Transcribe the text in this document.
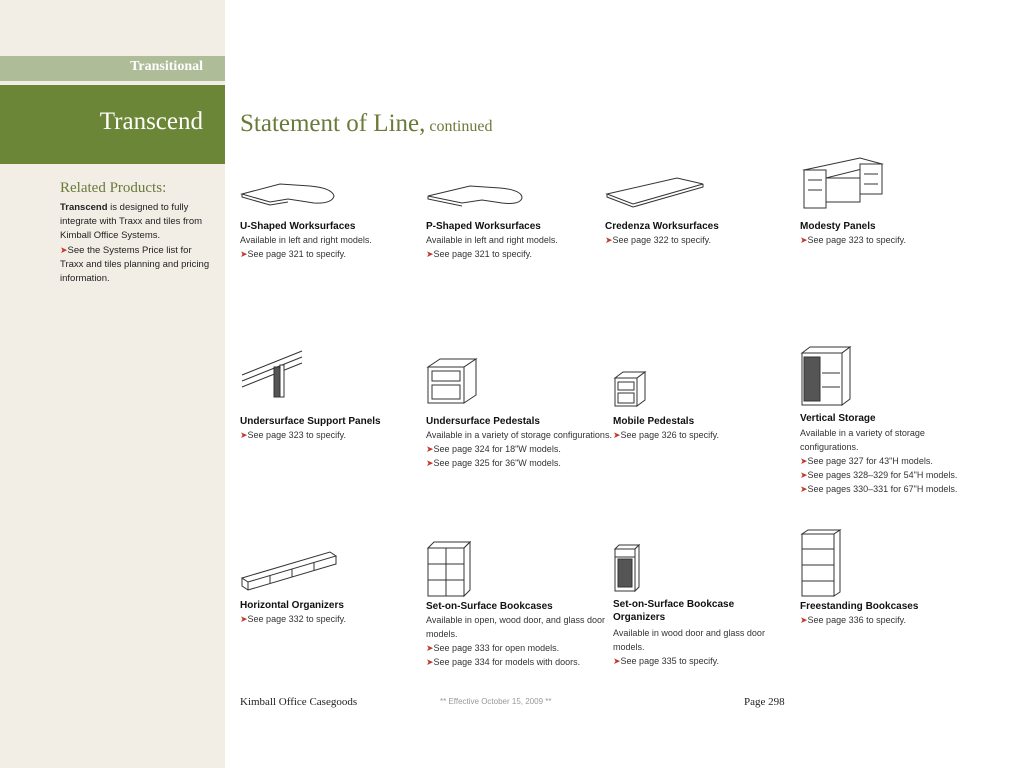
Transitional
Transcend
Related Products:
Transcend is designed to fully integrate with Traxx and tiles from Kimball Office Systems.
➤See the Systems Price list for Traxx and tiles planning and pricing information.
Statement of Line, continued
U-Shaped Worksurfaces
Available in left and right models.
➤See page 321 to specify.
P-Shaped Worksurfaces
Available in left and right models.
➤See page 321 to specify.
Credenza Worksurfaces
➤See page 322 to specify.
Modesty Panels
➤See page 323 to specify.
Undersurface Support Panels
➤See page 323 to specify.
Undersurface Pedestals
Available in a variety of storage configurations.
➤See page 324 for 18"W models.
➤See page 325 for 36"W models.
Mobile Pedestals
➤See page 326 to specify.
Vertical Storage
Available in a variety of storage configurations.
➤See page 327 for 43"H models.
➤See pages 328–329 for 54"H models.
➤See pages 330–331 for 67"H models.
Horizontal Organizers
➤See page 332 to specify.
Set-on-Surface Bookcases
Available in open, wood door, and glass door models.
➤See page 333 for open models.
➤See page 334 for models with doors.
Set-on-Surface Bookcase Organizers
Available in wood door and glass door models.
➤See page 335 to specify.
Freestanding Bookcases
➤See page 336 to specify.
Kimball Office Casegoods	** Effective October 15, 2009 **	Page 298
